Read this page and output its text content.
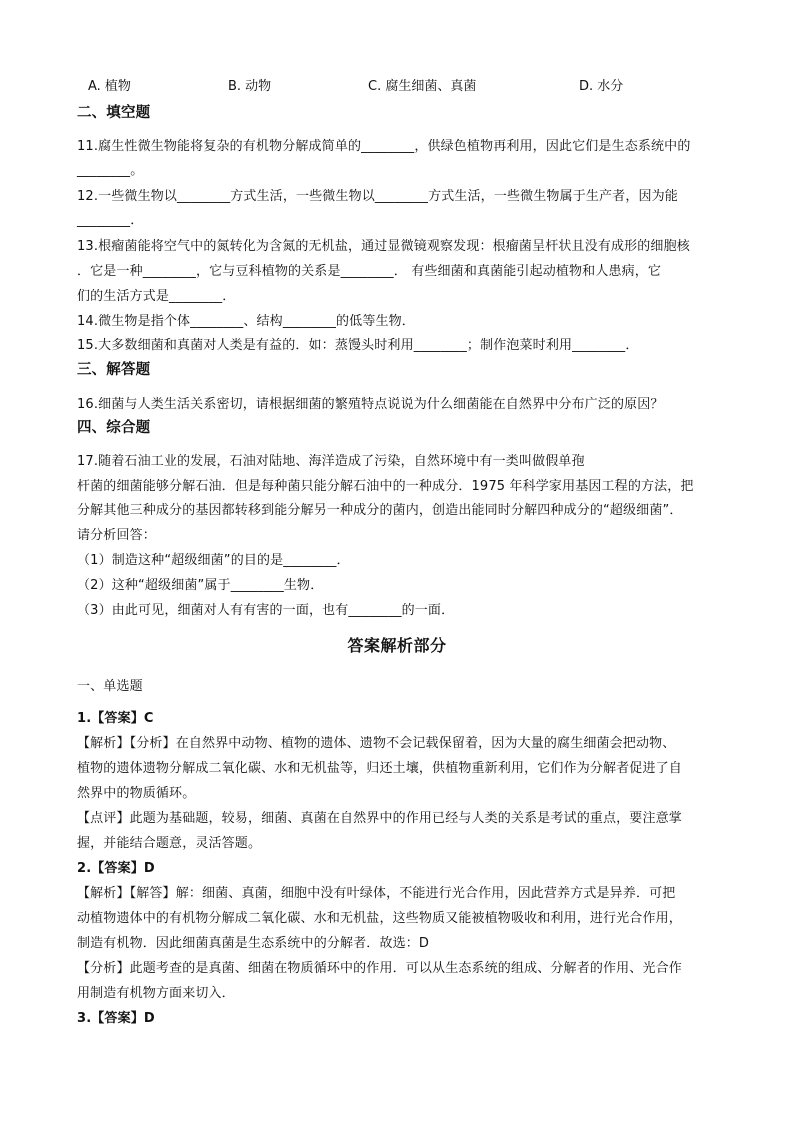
A. 植物	B. 动物	C. 腐生细菌、真菌	D. 水分
二、填空题
11.腐生性微生物能将复杂的有机物分解成简单的________，供绿色植物再利用，因此它们是生态系统中的
________。
12.一些微生物以________方式生活，一些微生物以________方式生活，一些微生物属于生产者，因为能
________．
13.根瘤菌能将空气中的氮转化为含氮的无机盐，通过显微镜观察发现：根瘤菌呈杆状且没有成形的细胞核
．它是一种________，它与豆科植物的关系是________． 有些细菌和真菌能引起动植物和人患病，它
们的生活方式是________．
14.微生物是指个体________、结构________的低等生物．
15.大多数细菌和真菌对人类是有益的．如：蒸馒头时利用________；制作泡菜时利用________．
三、解答题
16.细菌与人类生活关系密切，请根据细菌的繁殖特点说说为什么细菌能在自然界中分布广泛的原因？
四、综合题
17.随着石油工业的发展，石油对陆地、海洋造成了污染，自然环境中有一类叫做假单孢
杆菌的细菌能够分解石油．但是每种菌只能分解石油中的一种成分．1975 年科学家用基因工程的方法，把
分解其他三种成分的基因都转移到能分解另一种成分的菌内，创造出能同时分解四种成分的“超级细菌”．
请分析回答：
（1）制造这种“超级细菌”的目的是________．
（2）这种“超级细菌”属于________生物．
（3）由此可见，细菌对人有有害的一面，也有________的一面．
答案解析部分
一、单选题
1.【答案】C
【解析】【分析】在自然界中动物、植物的遗体、遗物不会记载保留着，因为大量的腐生细菌会把动物、
植物的遗体遗物分解成二氧化碳、水和无机盐等，归还土壤，供植物重新利用，它们作为分解者促进了自
然界中的物质循环。
【点评】此题为基础题，较易，细菌、真菌在自然界中的作用已经与人类的关系是考试的重点，要注意掌
握，并能结合题意，灵活答题。
2.【答案】D
【解析】【解答】解：细菌、真菌，细胞中没有叶绿体，不能进行光合作用，因此营养方式是异养．可把
动植物遗体中的有机物分解成二氧化碳、水和无机盐，这些物质又能被植物吸收和利用，进行光合作用，
制造有机物．因此细菌真菌是生态系统中的分解者．故选：D
【分析】此题考查的是真菌、细菌在物质循环中的作用．可以从生态系统的组成、分解者的作用、光合作
用制造有机物方面来切入．
3.【答案】D
